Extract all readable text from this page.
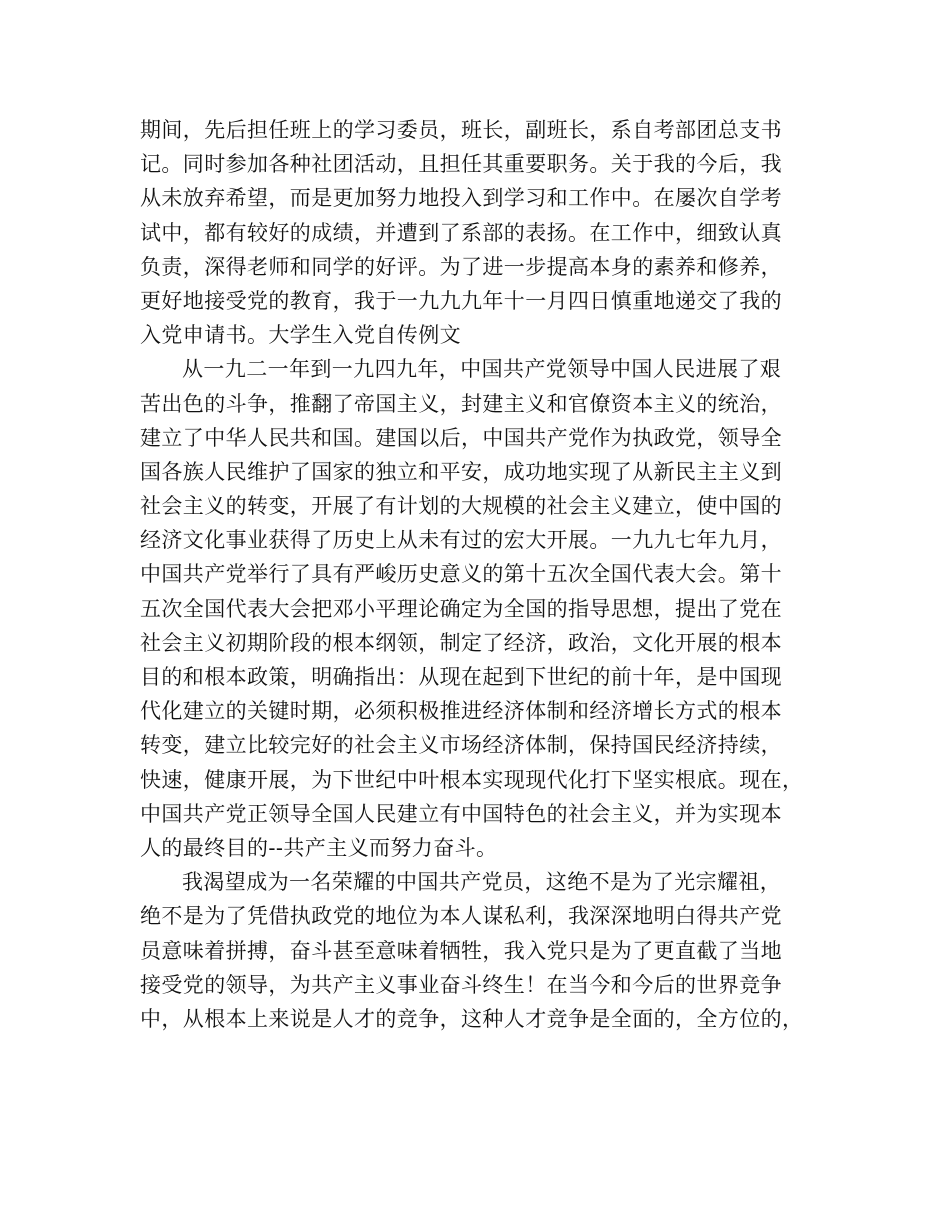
期间，先后担任班上的学习委员，班长，副班长，系自考部团总支书
记。同时参加各种社团活动，且担任其重要职务。关于我的今后，我
从未放弃希望，而是更加努力地投入到学习和工作中。在屡次自学考
试中，都有较好的成绩，并遭到了系部的表扬。在工作中，细致认真
负责，深得老师和同学的好评。为了进一步提高本身的素养和修养，
更好地接受党的教育，我于一九九九年十一月四日慎重地递交了我的
入党申请书。大学生入党自传例文
从一九二一年到一九四九年，中国共产党领导中国人民进展了艰
苦出色的斗争，推翻了帝国主义，封建主义和官僚资本主义的统治，
建立了中华人民共和国。建国以后，中国共产党作为执政党，领导全
国各族人民维护了国家的独立和平安，成功地实现了从新民主主义到
社会主义的转变，开展了有计划的大规模的社会主义建立，使中国的
经济文化事业获得了历史上从未有过的宏大开展。一九九七年九月，
中国共产党举行了具有严峻历史意义的第十五次全国代表大会。第十
五次全国代表大会把邓小平理论确定为全国的指导思想，提出了党在
社会主义初期阶段的根本纲领，制定了经济，政治，文化开展的根本
目的和根本政策，明确指出：从现在起到下世纪的前十年，是中国现
代化建立的关键时期，必须积极推进经济体制和经济增长方式的根本
转变，建立比较完好的社会主义市场经济体制，保持国民经济持续，
快速，健康开展，为下世纪中叶根本实现现代化打下坚实根底。现在，
中国共产党正领导全国人民建立有中国特色的社会主义，并为实现本
人的最终目的--共产主义而努力奋斗。
我渴望成为一名荣耀的中国共产党员，这绝不是为了光宗耀祖，
绝不是为了凭借执政党的地位为本人谋私利，我深深地明白得共产党
员意味着拼搏，奋斗甚至意味着牺牲，我入党只是为了更直截了当地
接受党的领导，为共产主义事业奋斗终生！在当今和今后的世界竞争
中，从根本上来说是人才的竞争，这种人才竞争是全面的，全方位的，
